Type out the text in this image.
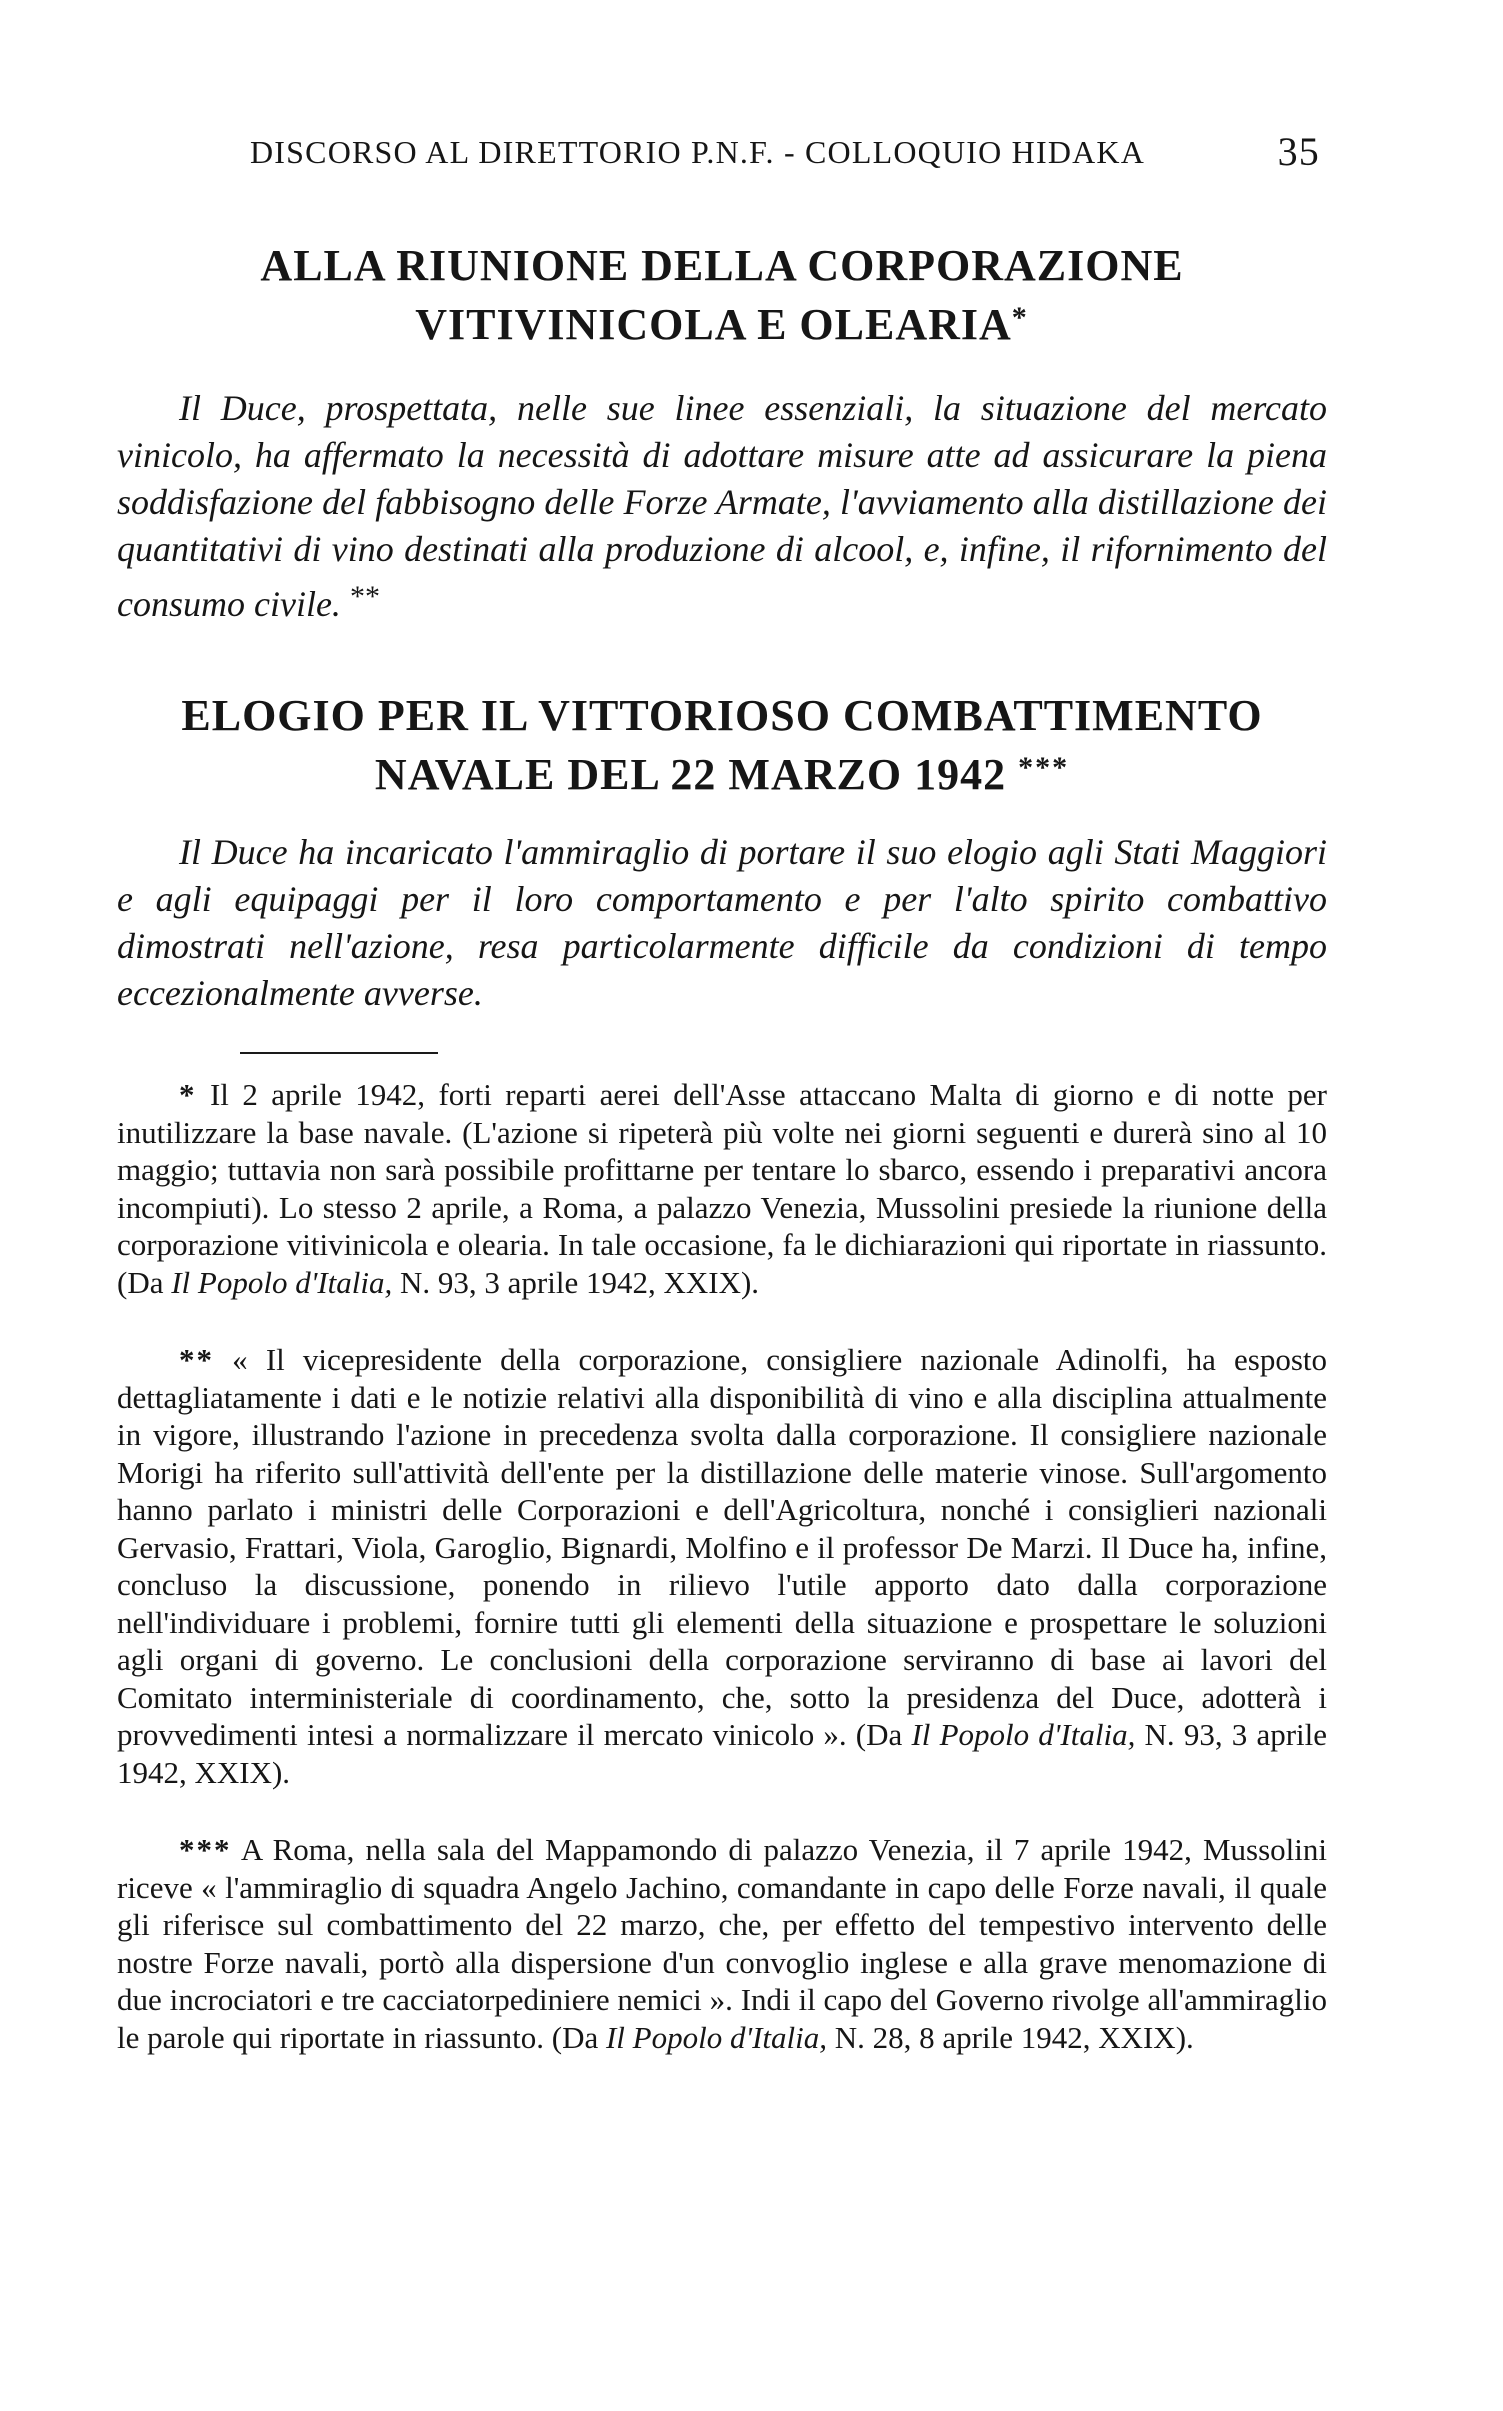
DISCORSO AL DIRETTORIO P.N.F. - COLLOQUIO HIDAKA	35
ALLA RIUNIONE DELLA CORPORAZIONE
VITIVINICOLA E OLEARIA*

Il Duce, prospettata, nelle sue linee essenziali, la situazione del mercato vinicolo, ha affermato la necessità di adottare misure atte ad assicurare la piena soddisfazione del fabbisogno delle Forze Armate, l'avviamento alla distillazione dei quantitativi di vino destinati alla produzione di alcool, e, infine, il rifornimento del consumo civile. **

ELOGIO PER IL VITTORIOSO COMBATTIMENTO
NAVALE DEL 22 MARZO 1942 ***

Il Duce ha incaricato l'ammiraglio di portare il suo elogio agli Stati Maggiori e agli equipaggi per il loro comportamento e per l'alto spirito combattivo dimostrati nell'azione, resa particolarmente difficile da condizioni di tempo eccezionalmente avverse.

* Il 2 aprile 1942, forti reparti aerei dell'Asse attaccano Malta di giorno e di notte per inutilizzare la base navale. (L'azione si ripeterà più volte nei giorni seguenti e durerà sino al 10 maggio; tuttavia non sarà possibile profittarne per tentare lo sbarco, essendo i preparativi ancora incompiuti). Lo stesso 2 aprile, a Roma, a palazzo Venezia, Mussolini presiede la riunione della corporazione vitivinicola e olearia. In tale occasione, fa le dichiarazioni qui riportate in riassunto. (Da Il Popolo d'Italia, N. 93, 3 aprile 1942, XXIX).

** « Il vicepresidente della corporazione, consigliere nazionale Adinolfi, ha esposto dettagliatamente i dati e le notizie relativi alla disponibilità di vino e alla disciplina attualmente in vigore, illustrando l'azione in precedenza svolta dalla corporazione. Il consigliere nazionale Morigi ha riferito sull'attività dell'ente per la distillazione delle materie vinose. Sull'argomento hanno parlato i ministri delle Corporazioni e dell'Agricoltura, nonché i consiglieri nazionali Gervasio, Frattari, Viola, Garoglio, Bignardi, Molfino e il professor De Marzi. Il Duce ha, infine, concluso la discussione, ponendo in rilievo l'utile apporto dato dalla corporazione nell'individuare i problemi, fornire tutti gli elementi della situazione e prospettare le soluzioni agli organi di governo. Le conclusioni della corporazione serviranno di base ai lavori del Comitato interministeriale di coordinamento, che, sotto la presidenza del Duce, adotterà i provvedimenti intesi a normalizzare il mercato vinicolo ». (Da Il Popolo d'Italia, N. 93, 3 aprile 1942, XXIX).

*** A Roma, nella sala del Mappamondo di palazzo Venezia, il 7 aprile 1942, Mussolini riceve « l'ammiraglio di squadra Angelo Jachino, comandante in capo delle Forze navali, il quale gli riferisce sul combattimento del 22 marzo, che, per effetto del tempestivo intervento delle nostre Forze navali, portò alla dispersione d'un convoglio inglese e alla grave menomazione di due incrociatori e tre cacciatorpediniere nemici ». Indi il capo del Governo rivolge all'ammiraglio le parole qui riportate in riassunto. (Da Il Popolo d'Italia, N. 28, 8 aprile 1942, XXIX).
